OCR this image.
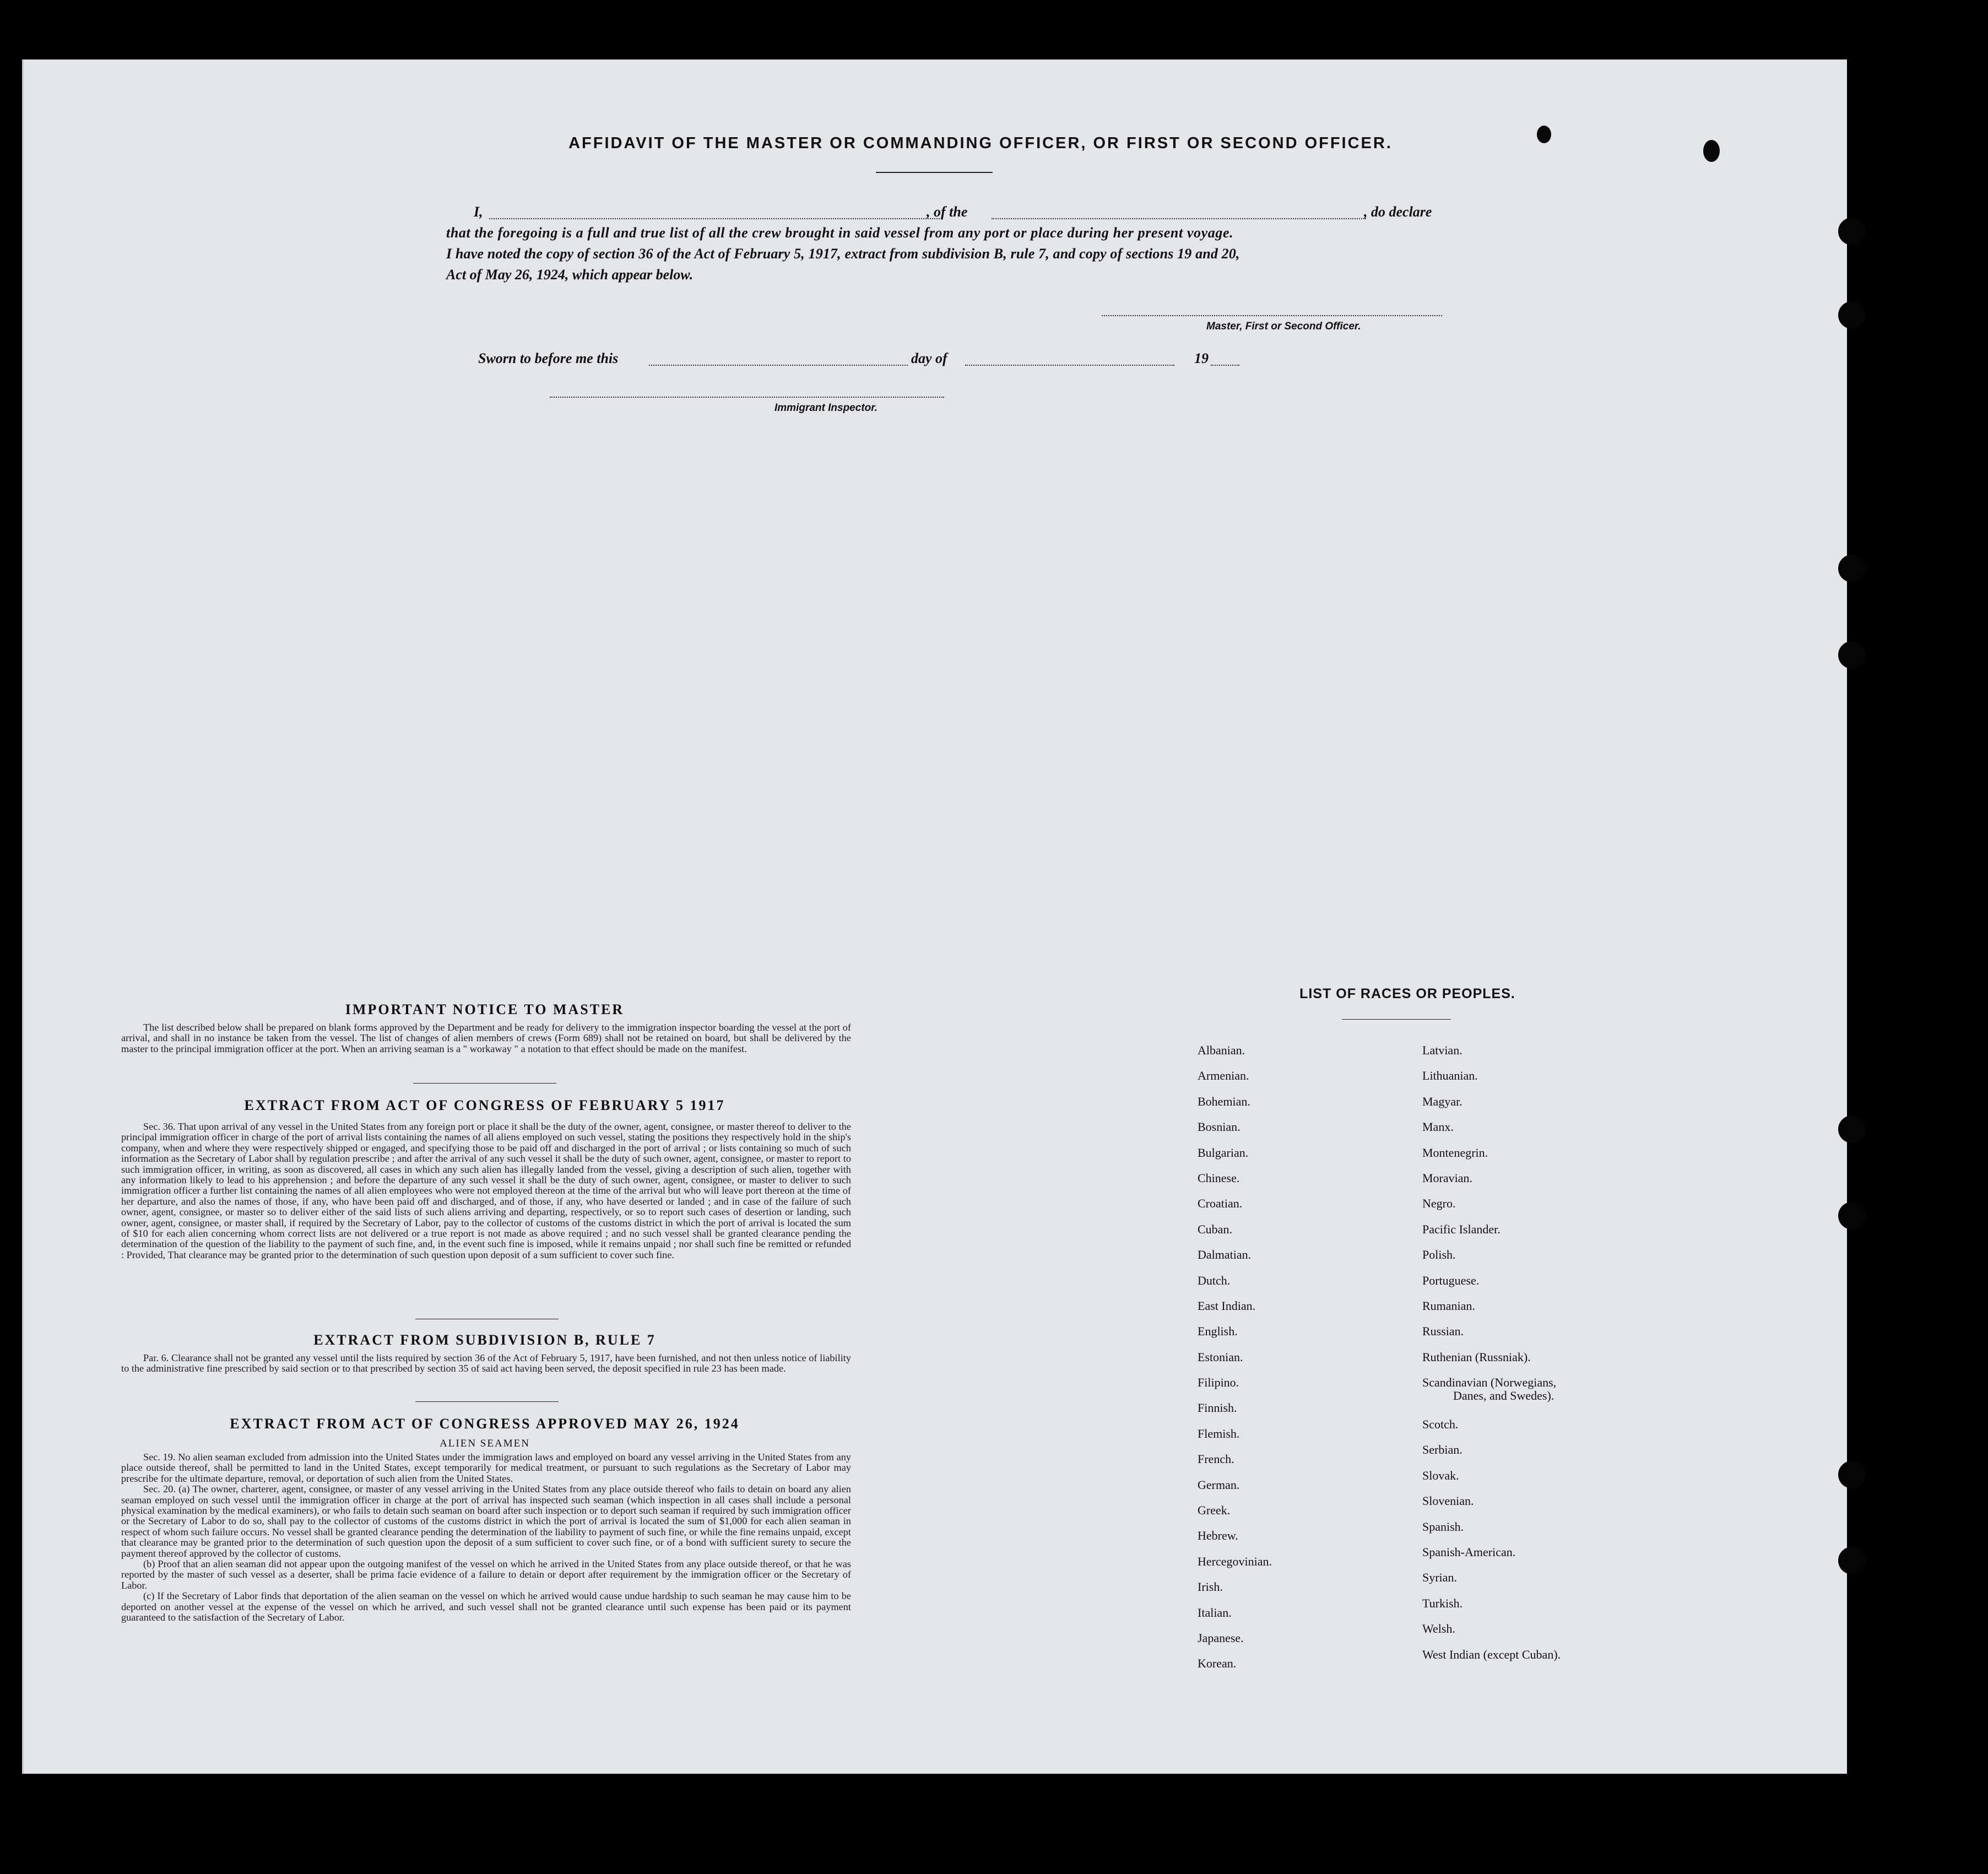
AFFIDAVIT OF THE MASTER OR COMMANDING OFFICER, OR FIRST OR SECOND OFFICER.
I,	, of the	, do declare
that the foregoing is a full and true list of all the crew brought in said vessel from any port or place during her present voyage.
I have noted the copy of section 36 of the Act of February 5, 1917, extract from subdivision B, rule 7, and copy of sections 19 and 20,
Act of May 26, 1924, which appear below.
Master, First or Second Officer.
Sworn to before me this	day of	19
Immigrant Inspector.
IMPORTANT NOTICE TO MASTER

The list described below shall be prepared on blank forms approved by the Department and be ready for delivery to the immigration inspector boarding the vessel at the port of arrival, and shall in no instance be taken from the vessel. The list of changes of alien members of crews (Form 689) shall not be retained on board, but shall be delivered by the master to the principal immigration officer at the port. When an arriving seaman is a " workaway " a notation to that effect should be made on the manifest.

EXTRACT FROM ACT OF CONGRESS OF FEBRUARY 5 1917

Sec. 36. That upon arrival of any vessel in the United States from any foreign port or place it shall be the duty of the owner, agent, consignee, or master thereof to deliver to the principal immigration officer in charge of the port of arrival lists containing the names of all aliens employed on such vessel, stating the positions they respectively hold in the ship's company, when and where they were respectively shipped or engaged, and specifying those to be paid off and discharged in the port of arrival ; or lists containing so much of such information as the Secretary of Labor shall by regulation prescribe ; and after the arrival of any such vessel it shall be the duty of such owner, agent, consignee, or master to report to such immigration officer, in writing, as soon as discovered, all cases in which any such alien has illegally landed from the vessel, giving a description of such alien, together with any information likely to lead to his apprehension ; and before the departure of any such vessel it shall be the duty of such owner, agent, consignee, or master to deliver to such immigration officer a further list containing the names of all alien employees who were not employed thereon at the time of the arrival but who will leave port thereon at the time of her departure, and also the names of those, if any, who have been paid off and discharged, and of those, if any, who have deserted or landed ; and in case of the failure of such owner, agent, consignee, or master so to deliver either of the said lists of such aliens arriving and departing, respectively, or so to report such cases of desertion or landing, such owner, agent, consignee, or master shall, if required by the Secretary of Labor, pay to the collector of customs of the customs district in which the port of arrival is located the sum of $10 for each alien concerning whom correct lists are not delivered or a true report is not made as above required ; and no such vessel shall be granted clearance pending the determination of the question of the liability to the payment of such fine, and, in the event such fine is imposed, while it remains unpaid ; nor shall such fine be remitted or refunded : Provided, That clearance may be granted prior to the determination of such question upon deposit of a sum sufficient to cover such fine.

EXTRACT FROM SUBDIVISION B, RULE 7

Par. 6. Clearance shall not be granted any vessel until the lists required by section 36 of the Act of February 5, 1917, have been furnished, and not then unless notice of liability to the administrative fine prescribed by said section or to that prescribed by section 35 of said act having been served, the deposit specified in rule 23 has been made.

EXTRACT FROM ACT OF CONGRESS APPROVED MAY 26, 1924
ALIEN SEAMEN

Sec. 19. No alien seaman excluded from admission into the United States under the immigration laws and employed on board any vessel arriving in the United States from any place outside thereof, shall be permitted to land in the United States, except temporarily for medical treatment, or pursuant to such regulations as the Secretary of Labor may prescribe for the ultimate departure, removal, or deportation of such alien from the United States.

Sec. 20. (a) The owner, charterer, agent, consignee, or master of any vessel arriving in the United States from any place outside thereof who fails to detain on board any alien seaman employed on such vessel until the immigration officer in charge at the port of arrival has inspected such seaman (which inspection in all cases shall include a personal physical examination by the medical examiners), or who fails to detain such seaman on board after such inspection or to deport such seaman if required by such immigration officer or the Secretary of Labor to do so, shall pay to the collector of customs of the customs district in which the port of arrival is located the sum of $1,000 for each alien seaman in respect of whom such failure occurs. No vessel shall be granted clearance pending the determination of the liability to payment of such fine, or while the fine remains unpaid, except that clearance may be granted prior to the determination of such question upon the deposit of a sum sufficient to cover such fine, or of a bond with sufficient surety to secure the payment thereof approved by the collector of customs.

(b) Proof that an alien seaman did not appear upon the outgoing manifest of the vessel on which he arrived in the United States from any place outside thereof, or that he was reported by the master of such vessel as a deserter, shall be prima facie evidence of a failure to detain or deport after requirement by the immigration officer or the Secretary of Labor.

(c) If the Secretary of Labor finds that deportation of the alien seaman on the vessel on which he arrived would cause undue hardship to such seaman he may cause him to be deported on another vessel at the expense of the vessel on which he arrived, and such vessel shall not be granted clearance until such expense has been paid or its payment guaranteed to the satisfaction of the Secretary of Labor.

LIST OF RACES OR PEOPLES.
Albanian.
Armenian.
Bohemian.
Bosnian.
Bulgarian.
Chinese.
Croatian.
Cuban.
Dalmatian.
Dutch.
East Indian.
English.
Estonian.
Filipino.
Finnish.
Flemish.
French.
German.
Greek.
Hebrew.
Hercegovinian.
Irish.
Italian.
Japanese.
Korean.
Latvian.
Lithuanian.
Magyar.
Manx.
Montenegrin.
Moravian.
Negro.
Pacific Islander.
Polish.
Portuguese.
Rumanian.
Russian.
Ruthenian (Russniak).
Scandinavian (Norwegians,
Danes, and Swedes).
Scotch.
Serbian.
Slovak.
Slovenian.
Spanish.
Spanish-American.
Syrian.
Turkish.
Welsh.
West Indian (except Cuban).
